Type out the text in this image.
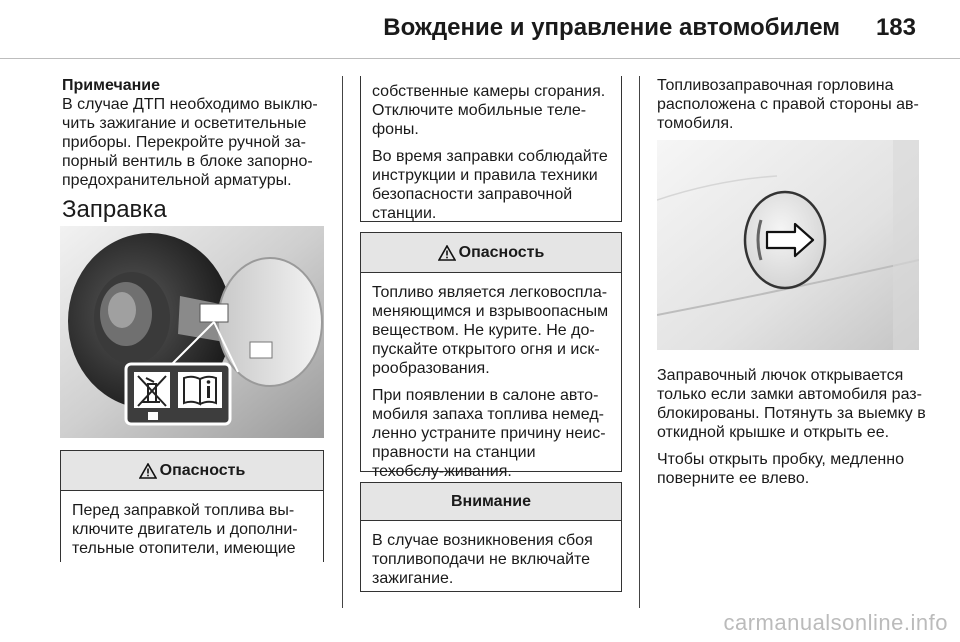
Вождение и управление автомобилем 183
Примечание

В случае ДТП необходимо выклю-чить зажигание и осветительные приборы. Перекройте ручной за-порный вентиль в блоке запорно-предохранительной арматуры.

Заправка
Опасность

Перед заправкой топлива вы-ключите двигатель и дополни-тельные отопители, имеющие

собственные камеры сгорания. Отключите мобильные теле-фоны.

Во время заправки соблюдайте инструкции и правила техники безопасности заправочной станции.

Опасность

Топливо является легковоспла-меняющимся и взрывоопасным веществом. Не курите. Не до-пускайте открытого огня и иск-рообразования.

При появлении в салоне авто-мобиля запаха топлива немед-ленно устраните причину неис-правности на станции техобслу-живания.

Внимание

В случае возникновения сбоя топливоподачи не включайте зажигание.

Топливозаправочная горловина расположена с правой стороны ав-томобиля.

Заправочный лючок открывается только если замки автомобиля раз-блокированы. Потянуть за выемку в откидной крышке и открыть ее.

Чтобы открыть пробку, медленно поверните ее влево.

carmanualsonline.info
